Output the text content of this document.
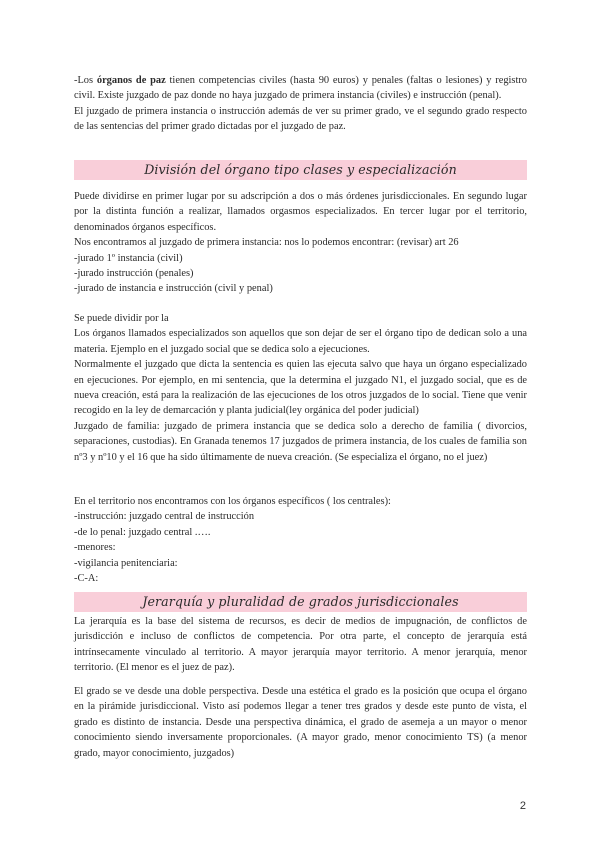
-Los órganos de paz tienen competencias civiles (hasta 90 euros) y penales (faltas o lesiones) y registro civil. Existe juzgado de paz donde no haya juzgado de primera instancia (civiles) e instrucción (penal).

El juzgado de primera instancia o instrucción además de ver su primer grado, ve el segundo grado respecto de las sentencias del primer grado dictadas por el juzgado de paz.

División del órgano tipo clases y especialización

Puede dividirse en primer lugar por su adscripción a dos o más órdenes jurisdiccionales. En segundo lugar por la distinta función a realizar, llamados orgasmos especializados. En tercer lugar por el territorio, denominados órganos específicos.

Nos encontramos al juzgado de primera instancia: nos lo podemos encontrar: (revisar) art 26

-jurado 1º instancia (civil)

-jurado instrucción (penales)

-jurado de instancia e instrucción (civil y penal)

Se puede dividir por la

Los órganos llamados especializados son aquellos que son dejar de ser el órgano tipo de dedican solo a una materia. Ejemplo en el juzgado social que se dedica solo a ejecuciones.

Normalmente el juzgado que dicta la sentencia es quien las ejecuta salvo que haya un órgano especializado en ejecuciones. Por ejemplo, en mi sentencia, que la determina el juzgado N1, el juzgado social, que es de nueva creación, está para la realización de las ejecuciones de los otros juzgados de lo social. Tiene que venir recogido en la ley de demarcación y planta judicial(ley orgánica del poder judicial)

Juzgado de familia: juzgado de primera instancia que se dedica solo a derecho de familia ( divorcios, separaciones, custodias). En Granada tenemos 17 juzgados de primera instancia, de los cuales de familia son nº3 y nº10 y el 16 que ha sido últimamente de nueva creación. (Se especializa el órgano, no el juez)

En el territorio nos encontramos con los órganos específicos ( los centrales):

-instrucción: juzgado central de instrucción

-de lo penal: juzgado central .….

-menores:

-vigilancia penitenciaria:

-C-A:

Jerarquía y pluralidad de grados jurisdiccionales

La jerarquía es la base del sistema de recursos, es decir de medios de impugnación, de conflictos de jurisdicción e incluso de conflictos de competencia. Por otra parte, el concepto de jerarquía está intrínsecamente vinculado al territorio. A mayor jerarquía mayor territorio. A menor jerarquía, menor territorio. (El menor es el juez de paz).

El grado se ve desde una doble perspectiva. Desde una estética el grado es la posición que ocupa el órgano en la pirámide jurisdiccional. Visto así podemos llegar a tener tres grados y desde este punto de vista, el grado es distinto de instancia. Desde una perspectiva dinámica, el grado de asemeja a un mayor o menor conocimiento siendo inversamente proporcionales. (A mayor grado, menor conocimiento TS) (a menor grado, mayor conocimiento, juzgados)

2
